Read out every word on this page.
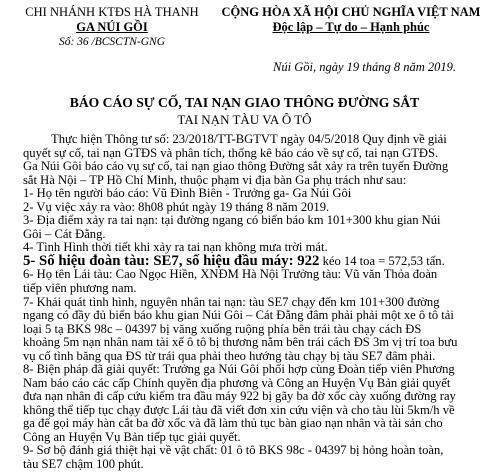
CHI NHÁNH KTĐS HÀ THANH
GA NÚI GỒI
Số: 36 /BCSCTN-GNG
CỘNG HÒA XÃ HỘI CHỦ NGHĨA VIỆT NAM
Độc lập – Tự do – Hạnh phúc
Núi Gồi, ngày 19 tháng 8 năm 2019.
BÁO CÁO SỰ CỐ, TAI NẠN GIAO THÔNG ĐƯỜNG SẮT
TAI NẠN TÀU VA Ô TÔ
Thực hiện Thông tư số: 23/2018/TT-BGTVT ngày 04/5/2018 Quy định về giải
quyết sự cố, tai nạn GTĐS và phân tích, thống kê báo cáo về sự cố, tai nạn GTĐS.
Ga Núi Gôi báo cáo vụ sự cố, tai nạn giao thông Đường sắt xảy ra trên tuyến Đường
sắt Hà Nội – TP Hồ Chí Minh, thuộc phạm vi địa bàn Ga phụ trách như sau:
1- Họ tên người báo cáo: Vũ Đình Biên - Trưởng ga- Ga Núi Gôi
2- Vụ việc xảy ra vào: 8h08 phút ngày 19 tháng 8 năm 2019.
3- Địa điểm xảy ra tai nạn: tại đường ngang có biển báo km 101+300 khu gian Núi
Gôi – Cát Đằng.
4- Tình Hình thời tiết khi xảy ra tai nạn không mưa trời mát.
5- Số hiệu đoàn tàu: SE7, số hiệu đầu máy: 922 kéo 14 toa = 572,53 tấn.
6- Họ tên Lái tàu: Cao Ngọc Hiền, XNĐM Hà Nội Trưởng tàu: Vũ văn Thỏa đoàn
tiếp viên phương nam.
7- Khái quát tình hình, nguyên nhân tai nạn: tàu SE7 chạy đến km 101+300 đường
ngang có đầy đủ biển báo khu gian Núi Gôi – Cát Đằng đâm phải phải một xe ô tô tải
loại 5 tạ BKS 98c – 04397 bị văng xuống ruộng phía bên trái tàu chạy cách ĐS
khoảng 5m nạn nhân nam tài xế ô tô bị thương nằm bên trái cách ĐS 3m vị trí toa bưu
vụ cố tình băng qua ĐS từ trái qua phải theo hướng tàu chạy bị tàu SE7 đâm phải.
8- Biện pháp đã giải quyết: Trưởng ga Núi Gôi phối hợp cùng Đoàn tiếp viên Phương
Nam báo cáo các cấp Chính quyền địa phương và Công an Huyện Vụ Bản giải quyết
đưa nạn nhân đi cấp cứu kiểm tra đầu máy 922 bị gãy ba đờ xốc cày xuống đường ray
không thể tiếp tục chạy được Lái tàu đã viết đơn xin cứu viện và cho tàu lùi 5km/h về
ga để gọi máy hàn cắt ba đờ xốc và đã làm thủ tục bàn giao nạn nhân và tài sản cho
Công an Huyện Vụ Bản tiếp tục giải quyết.
9- Sơ bộ đánh giá thiệt hại về vật chất: 01 ô tô BKS 98c - 04397 bị hỏng hoàn toàn,
tàu SE7 chậm 100 phút.
